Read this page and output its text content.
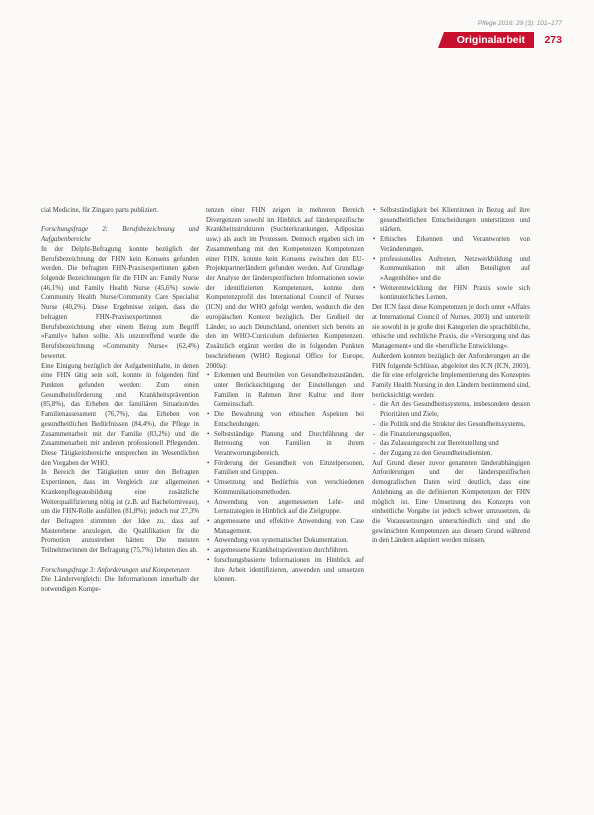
Pflege 2016; 29 (3): 101–177
Originalarbeit	273

cial Medicine, für Zingaro parts publiziert.

Forschungsfrage 2: Berufsbezeichnung und Aufgabenbereiche

In der Delphi-Befragung konnte bezüglich der Berufsbezeichnung der FHN kein Konsens gefunden werden. Die befragten FHN-Praxisexpertinnen gaben folgende Bezeichnungen für die FHN an: Family Nurse (46,1%) und Family Health Nurse (45,6%) sowie Community Health Nurse/Community Care Specialist Nurse (40,2%). Diese Ergebnisse zeigen, dass die befragten FHN-Praxisexpertinnen die Berufsbezeichnung eher einem Bezug zum Begriff »Family« haben sollte. Als unzutreffend wurde die Berufsbezeichnung »Community Nurse« (62,4%) bewertet.

Eine Einigung bezüglich der Aufgabeninhalte, in denen eine FHN tätig sein soll, konnte in folgenden fünf Punkten gefunden werden: Zum einen Gesundheitsförderung und Krankheitsprävention (85,8%), das Erheben der familiären Situation/des Familienassessment (76,7%), das Erheben von gesundheitlichen Bedürfnissen (84,4%), die Pflege in Zusammenarbeit mit der Familie (83,2%) und die Zusammenarbeit mit anderen professionell Pflegenden. Diese Tätigkeitsbereiche entsprechen im Wesentlichen den Vorgaben der WHO.

In Bereich der Tätigkeiten unter den Befragten Expertinnen, dass im Vergleich zur allgemeinen Krankenpflegeausbildung eine zusätzliche Weiterqualifizierung nötig ist (z.B. auf Bachelorniveau), um die FHN-Rolle ausfüllen (81,8%); jedoch nur 27,3% der Befragten stimmten der Idee zu, dass auf Masterebene anzulegen, die Qualifikation für die Promotion anzustreben hätten: Die meisten Teilnehmerinnen der Befragung (75,7%) lehnten dies ab.

Forschungsfrage 3: Anforderungen und Kompetenzen

Die Ländervergleich: Die Informationen innerhalb der notwendigen Kompe-

tenzen einer FHN zeigen in mehreren Bereich Divergenzen sowohl im Hinblick auf länderspezifische Krankheitsstrukturen (Suchterkrankungen, Adipositas usw.) als auch im Prozessen. Dennoch ergaben sich im Zusammenhang mit den Kompetenzen Kompetenzen einer FHN, konnte kein Konsens zwischen den EU-Projektpartnerländern gefunden werden. Auf Grundlage der Analyse der länderspezifischen Informationen sowie der identifizierten Kompetenzen, konnte dem Kompetenzprofil des International Council of Nurses (ICN) und der WHO gefolgt werden, wodurch die den europäischen Kontext bezüglich. Der Großteil der Länder, so auch Deutschland, orientiert sich bereits an den im WHO-Curriculum definierten Kompetenzen. Zusätzlich ergänzt werden die in folgenden Punkten beschriebenen (WHO Regional Office for Europe, 2000a):

• Erkennen und Beurteilen von Gesundheitszuständen, unter Berücksichtigung der Einstellungen und Familien in Rahmen ihrer Kultur und ihrer Gemeinschaft.
• Die Bewahrung von ethischen Aspekten bei Entscheidungen.
• Selbstständige Planung und Durchführung der Betreuung von Familien in ihrem Verantwortungsbereich.
• Förderung der Gesundheit von Einzelpersonen, Familien und Gruppen.
• Umsetzung und Bedürfnis von verschiedenen Kommunikationsmethoden.
• Anwendung von angemessenen Lehr- und Lernstrategien in Hinblick auf die Zielgruppe.
• angemessene und effektive Anwendung von Case Management.
• Anwendung von systematischer Dokumentation.
• angemessene Krankheitsprävention durchführen.
• forschungsbasierte Informationen im Hinblick auf ihre Arbeit identifizieren, anwenden und umsetzen können.
• Selbstständigkeit bei Klientinnen in Bezug auf ihre gesundheitlichen Entscheidungen unterstützen und stärken.
• Ethisches Erkennen und Verantworten von Veränderungen.
• professionelles Auftreten, Netzwerkbildung und Kommunikation mit allen Beteiligten auf »Augenhöhe« und die
• Weiterentwicklung der FHN Praxis sowie sich kontinuierliches Lernen.

Der ICN fasst diese Kompetenzen je doch unter »Affairs at International Council of Nurses, 2003) und unterteilt sie sowohl in je große drei Kategorien die sprachübliche, ethische und rechtliche Praxis, die »Versorgung und das Management« und die »berufliche Entwicklung«.

Außerdem konnten bezüglich der Anforderungen an die FHN folgende Schlüsse, abgeleitet des ICN (ICN, 2003), die für eine erfolgreiche Implementierung des Konzeptes Family Health Nursing in den Ländern bestimmend sind, berücksichtigt werden:

- die Art des Gesundheitssystems, insbesondere dessen Prioritäten und Ziele,
- die Politik und die Struktur des Gesundheitssystems,
- die Finanzierungsquellen,
- das Zulassungsrecht zur Bereitstellung und
- der Zugang zu den Gesundheitsdiensten.

Auf Grund dieser zuvor genannten länderabhängigen Anforderungen und der länderspezifischen demografischen Daten wird deutlich, dass eine Anlehnung an die definierten Kompetenzen der FHN möglich ist. Eine Umsetzung des Konzepts von einheitliche Vorgabe ist jedoch schwer umzusetzen, da die Voraussetzungen unterschiedlich sind und die gewünschten Kompetenzen aus diesem Grund während in den Ländern adaptiert werden müssen.
